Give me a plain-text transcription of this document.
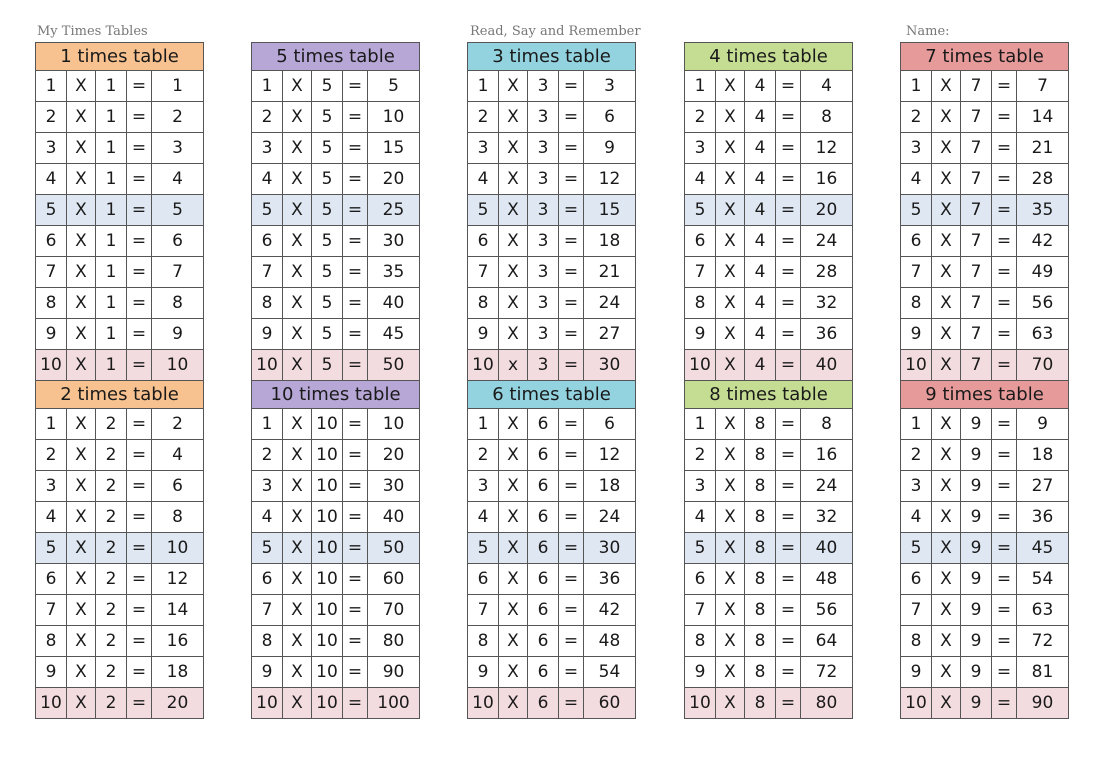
My Times Tables	Read, Say and Remember	Name:
1 times table				
1	X	1	=	1
2	X	1	=	2
3	X	1	=	3
4	X	1	=	4
5	X	1	=	5
6	X	1	=	6
7	X	1	=	7
8	X	1	=	8
9	X	1	=	9
10	X	1	=	10
5 times table				
1	X	5	=	5
2	X	5	=	10
3	X	5	=	15
4	X	5	=	20
5	X	5	=	25
6	X	5	=	30
7	X	5	=	35
8	X	5	=	40
9	X	5	=	45
10	X	5	=	50
3 times table				
1	X	3	=	3
2	X	3	=	6
3	X	3	=	9
4	X	3	=	12
5	X	3	=	15
6	X	3	=	18
7	X	3	=	21
8	X	3	=	24
9	X	3	=	27
10	x	3	=	30
4 times table				
1	X	4	=	4
2	X	4	=	8
3	X	4	=	12
4	X	4	=	16
5	X	4	=	20
6	X	4	=	24
7	X	4	=	28
8	X	4	=	32
9	X	4	=	36
10	X	4	=	40
7 times table				
1	X	7	=	7
2	X	7	=	14
3	X	7	=	21
4	X	7	=	28
5	X	7	=	35
6	X	7	=	42
7	X	7	=	49
8	X	7	=	56
9	X	7	=	63
10	X	7	=	70
2 times table				
1	X	2	=	2
2	X	2	=	4
3	X	2	=	6
4	X	2	=	8
5	X	2	=	10
6	X	2	=	12
7	X	2	=	14
8	X	2	=	16
9	X	2	=	18
10	X	2	=	20
10 times table				
1	X	10	=	10
2	X	10	=	20
3	X	10	=	30
4	X	10	=	40
5	X	10	=	50
6	X	10	=	60
7	X	10	=	70
8	X	10	=	80
9	X	10	=	90
10	X	10	=	100
6 times table				
1	X	6	=	6
2	X	6	=	12
3	X	6	=	18
4	X	6	=	24
5	X	6	=	30
6	X	6	=	36
7	X	6	=	42
8	X	6	=	48
9	X	6	=	54
10	X	6	=	60
8 times table				
1	X	8	=	8
2	X	8	=	16
3	X	8	=	24
4	X	8	=	32
5	X	8	=	40
6	X	8	=	48
7	X	8	=	56
8	X	8	=	64
9	X	8	=	72
10	X	8	=	80
9 times table				
1	X	9	=	9
2	X	9	=	18
3	X	9	=	27
4	X	9	=	36
5	X	9	=	45
6	X	9	=	54
7	X	9	=	63
8	X	9	=	72
9	X	9	=	81
10	X	9	=	90
